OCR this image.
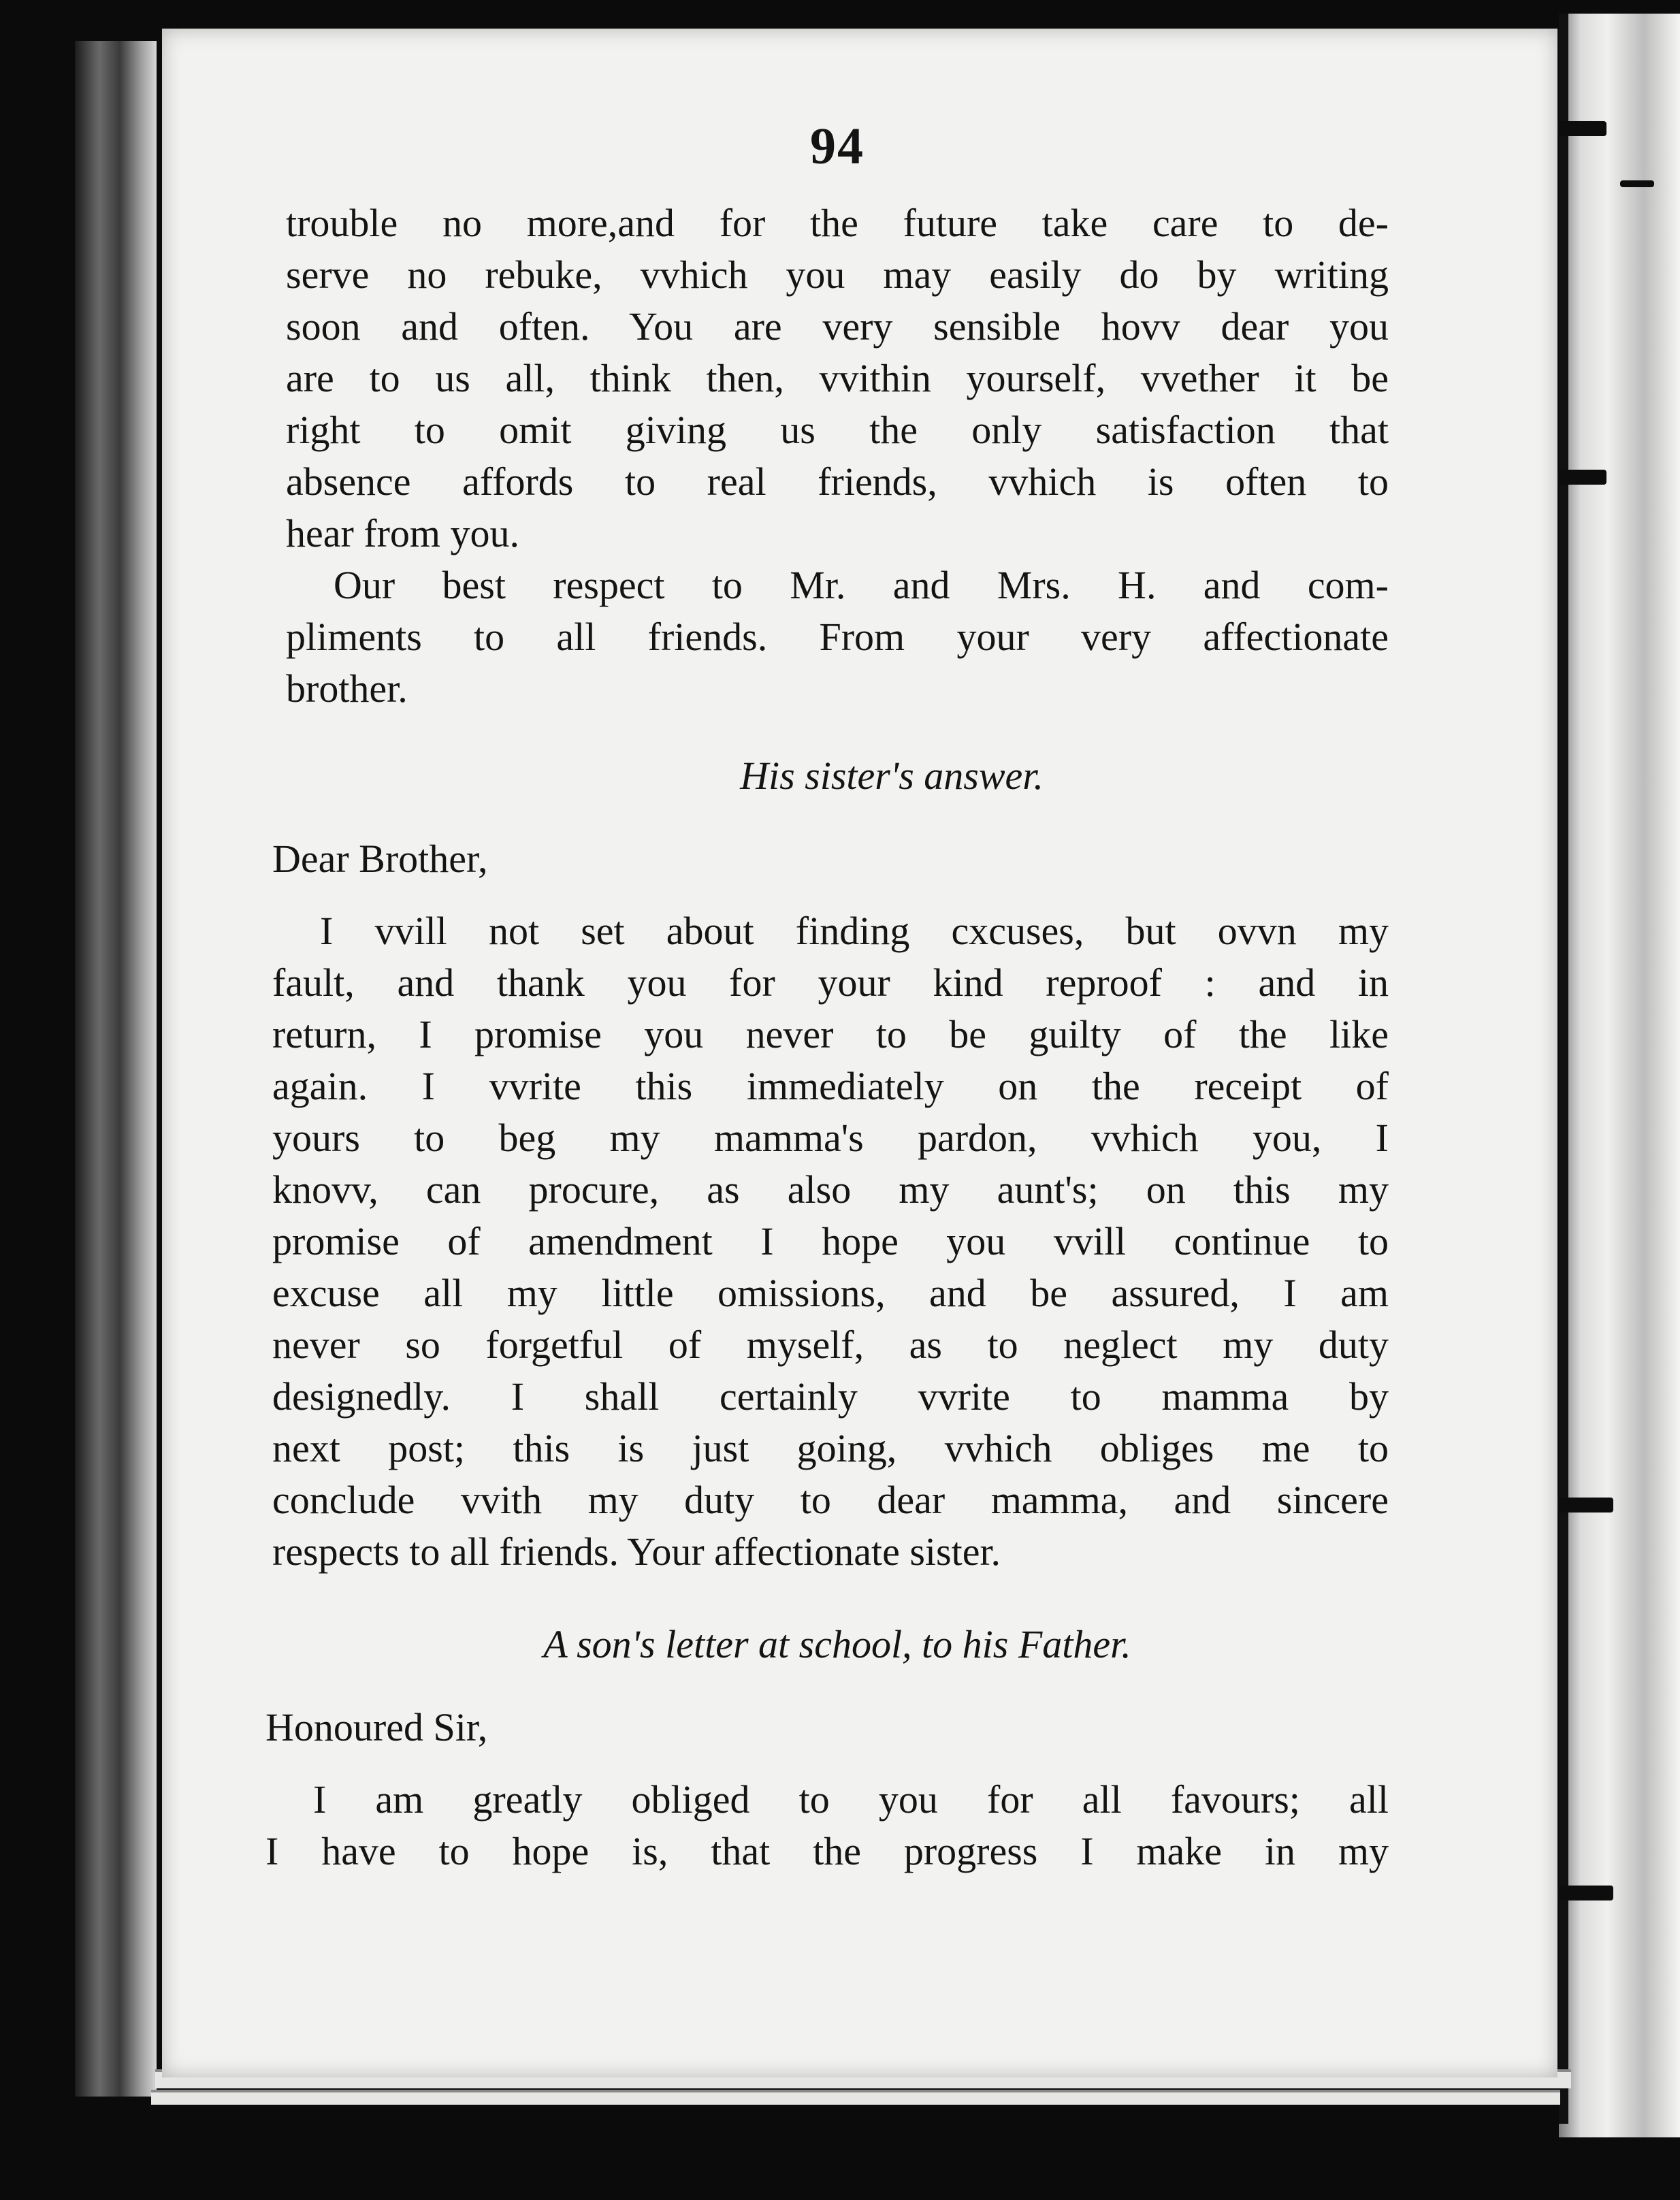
94

trouble no more,and for the future take care to de-
serve no rebuke, vvhich you may easily do by writing
soon and often. You are very sensible hovv dear you
are to us all, think then, vvithin yourself, vvether it be
right to omit giving us the only satisfaction that
absence affords to real friends, vvhich is often to
hear from you.

Our best respect to Mr. and Mrs. H. and com-
pliments to all friends. From your very affectionate
brother.

His sister's answer.
Dear Brother,

I vvill not set about finding cxcuses, but ovvn my
fault, and thank you for your kind reproof : and in
return, I promise you never to be guilty of the like
again. I vvrite this immediately on the receipt of
yours to beg my mamma's pardon, vvhich you, I
knovv, can procure, as also my aunt's; on this my
promise of amendment I hope you vvill continue to
excuse all my little omissions, and be assured, I am
never so forgetful of myself, as to neglect my duty
designedly. I shall certainly vvrite to mamma by
next post; this is just going, vvhich obliges me to
conclude vvith my duty to dear mamma, and sincere
respects to all friends. Your affectionate sister.

A son's letter at school, to his Father.
Honoured Sir,

I am greatly obliged to you for all favours; all
I have to hope is, that the progress I make in my
